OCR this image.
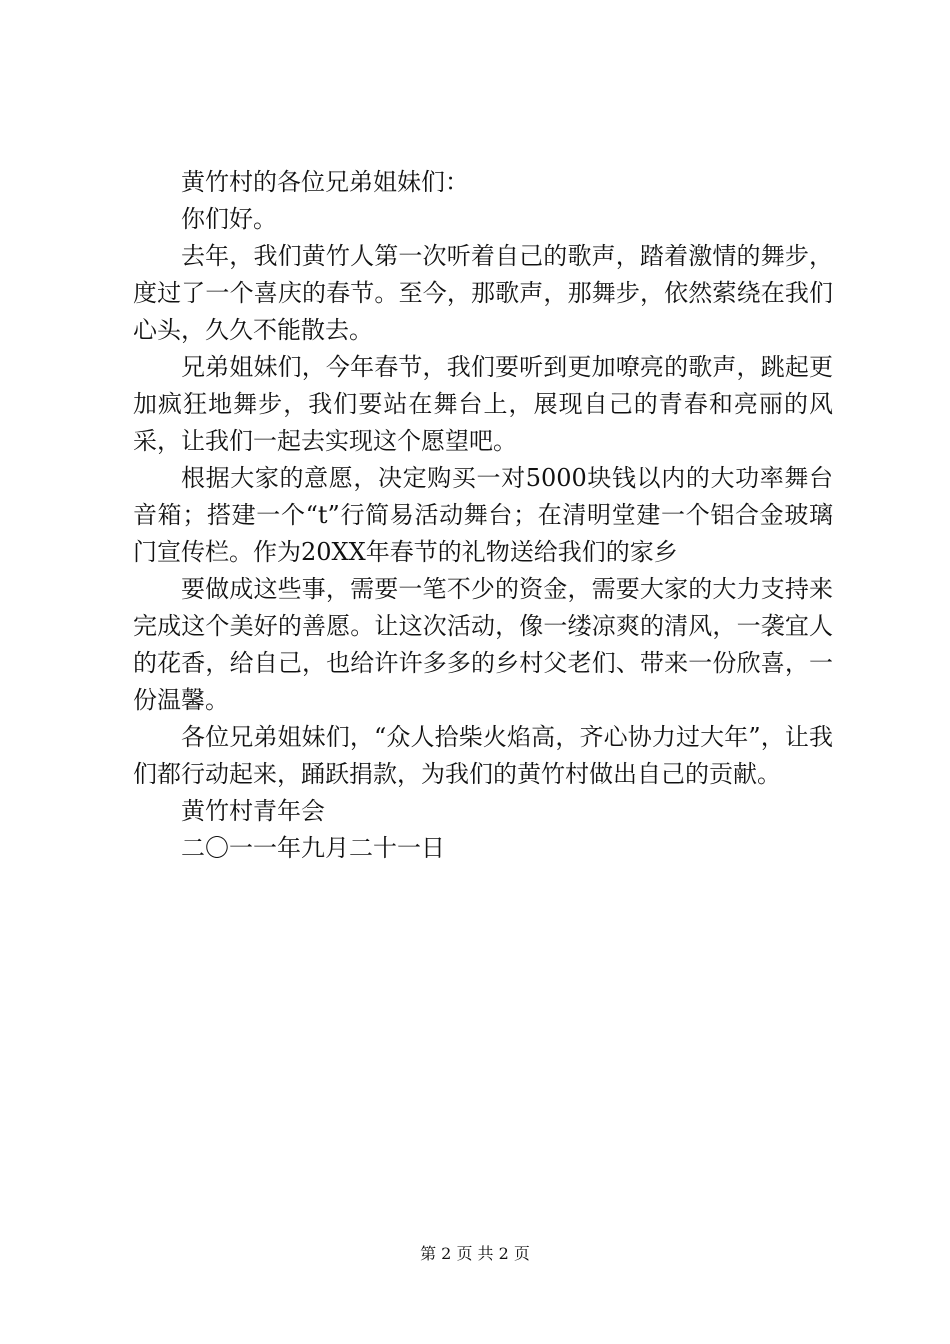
黄竹村的各位兄弟姐妹们：

你们好。

去年，我们黄竹人第一次听着自己的歌声，踏着激情的舞步，度过了一个喜庆的春节。至今，那歌声，那舞步，依然萦绕在我们心头，久久不能散去。

兄弟姐妹们，今年春节，我们要听到更加嘹亮的歌声，跳起更加疯狂地舞步，我们要站在舞台上，展现自己的青春和亮丽的风采，让我们一起去实现这个愿望吧。

根据大家的意愿，决定购买一对5000块钱以内的大功率舞台音箱；搭建一个“t”行简易活动舞台；在清明堂建一个铝合金玻璃门宣传栏。作为20XX年春节的礼物送给我们的家乡

要做成这些事，需要一笔不少的资金，需要大家的大力支持来完成这个美好的善愿。让这次活动，像一缕凉爽的清风，一袭宜人的花香，给自己，也给许许多多的乡村父老们、带来一份欣喜，一份温馨。

各位兄弟姐妹们，“众人拾柴火焰高，齐心协力过大年”，让我们都行动起来，踊跃捐款，为我们的黄竹村做出自己的贡献。

黄竹村青年会

二〇一一年九月二十一日

第 2 页 共 2 页
